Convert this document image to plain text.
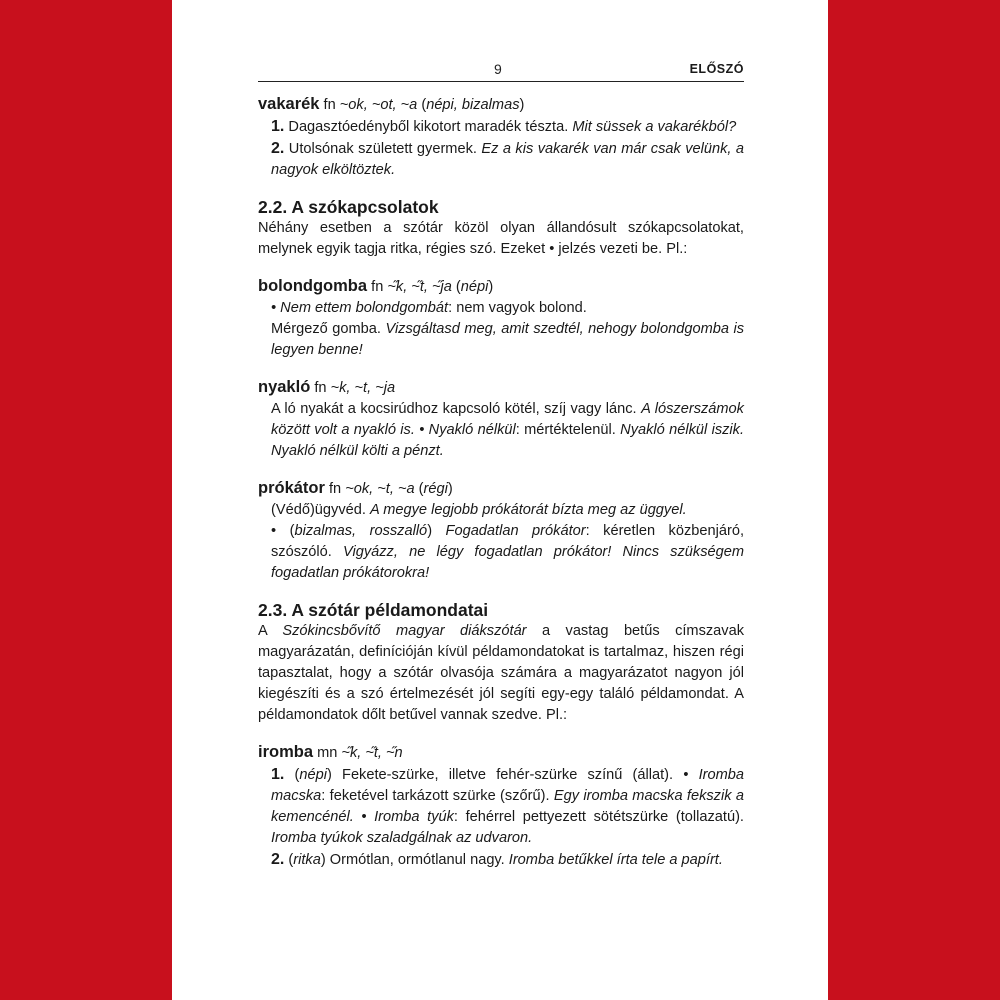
9	ELŐSZÓ
vakarék fn ~ok, ~ot, ~a (népi, bizalmas)

1. Dagasztóedényből kikotort maradék tészta. Mit süssek a vakarékból?

2. Utolsónak született gyermek. Ez a kis vakarék van már csak velünk, a nagyok elköltöztek.

2.2. A szókapcsolatok

Néhány esetben a szótár közöl olyan állandósult szókapcsolatokat, melynek egyik tagja ritka, régies szó. Ezeket • jelzés vezeti be. Pl.:

bolondgomba fn ~̋k, ~̋t, ~̋ja (népi)

• Nem ettem bolondgombát: nem vagyok bolond.

Mérgező gomba. Vizsgáltasd meg, amit szedtél, nehogy bolondgomba is legyen benne!

nyakló fn ~k, ~t, ~ja

A ló nyakát a kocsirúdhoz kapcsoló kötél, szíj vagy lánc. A lószerszámok között volt a nyakló is. • Nyakló nélkül: mértéktelenül. Nyakló nélkül iszik. Nyakló nélkül költi a pénzt.

prókátor fn ~ok, ~t, ~a (régi)

(Védő)ügyvéd. A megye legjobb prókátorát bízta meg az üggyel.

• (bizalmas, rosszalló) Fogadatlan prókátor: kéretlen közbenjáró, szószóló. Vigyázz, ne légy fogadatlan prókátor! Nincs szükségem fogadatlan prókátorokra!

2.3. A szótár példamondatai

A Szókincsbővítő magyar diákszótár a vastag betűs címszavak magyarázatán, definícióján kívül példamondatokat is tartalmaz, hiszen régi tapasztalat, hogy a szótár olvasója számára a magyarázatot nagyon jól kiegészíti és a szó értelmezését jól segíti egy-egy találó példamondat. A példamondatok dőlt betűvel vannak szedve. Pl.:

iromba mn ~̋k, ~̋t, ~̋n

1. (népi) Fekete-szürke, illetve fehér-szürke színű (állat). • Iromba macska: feketével tarkázott szürke (szőrű). Egy iromba macska fekszik a kemencénél. • Iromba tyúk: fehérrel pettyezett sötétszürke (tollazatú). Iromba tyúkok szaladgálnak az udvaron.

2. (ritka) Ormótlan, ormótlanul nagy. Iromba betűkkel írta tele a papírt.
